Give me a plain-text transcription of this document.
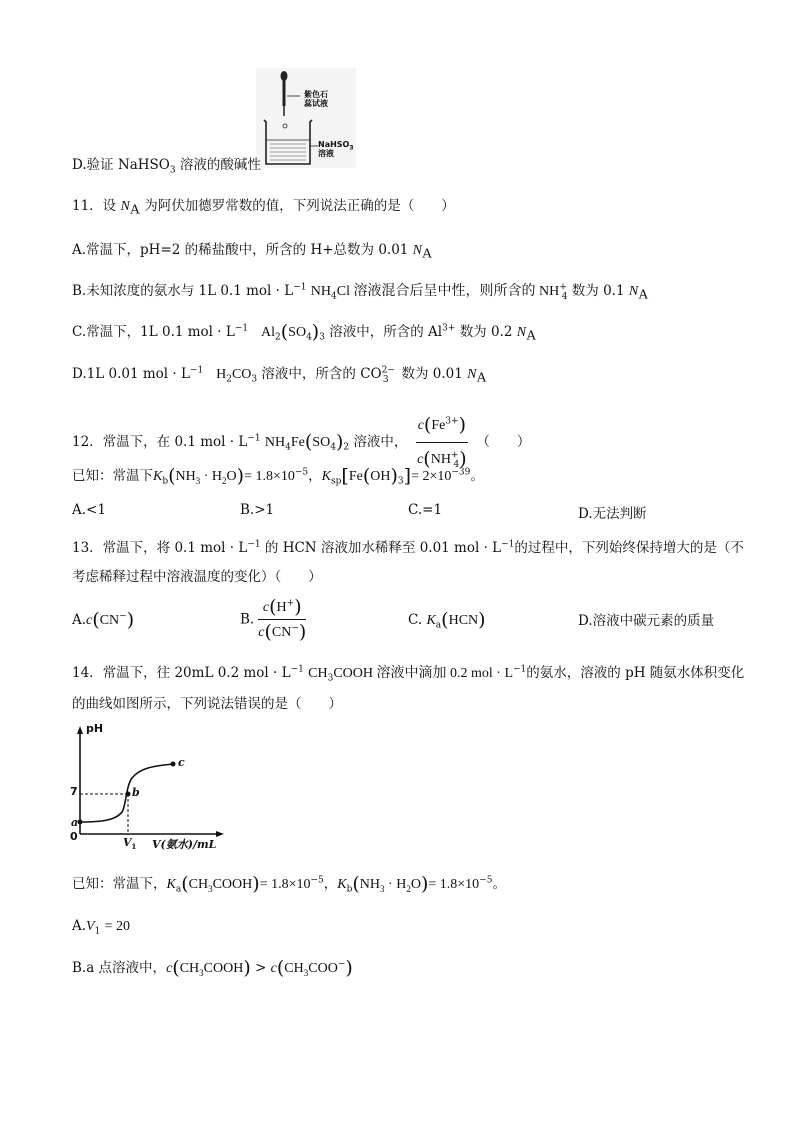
紫色石
蕊试液
NaHSO$_3$
溶液
D.验证 NaHSO$_3$ 溶液的酸碱性
11．设 $N_A$ 为阿伏加德罗常数的值，下列说法正确的是（　　）
A.常温下，pH=2 的稀盐酸中，所含的 H+总数为 0.01 $N_A$
B.未知浓度的氨水与 1L 0.1 mol · $L^{-1}$ $NH_4Cl$ 溶液混合后呈中性，则所含的 $NH^+_4$ 数为 0.1 $N_A$
C.常温下，1L 0.1 mol · $L^{-1}$ $Al_2(SO_4)_3$ 溶液中，所含的 $Al^{3+}$ 数为 0.2 $N_A$
D.1L 0.01 mol · $L^{-1}$ $H_2CO_3$ 溶液中，所含的 $CO^{2-}_3$ 数为 0.01 $N_A$
12．常温下，在 0.1 mol · $L^{-1}$ $NH_4Fe(SO_4)_2$ 溶液中， $\frac{c(Fe^{3+})}{c(NH^+_4)}$ （　　）
已知：常温下$K_b(NH_3 \cdot H_2O)= 1.8\times 10^{-5}$，$K_{sp}[Fe(OH)_3]= 2\times 10^{-39}$。
A.<1	B.>1	C.=1	D.无法判断
13．常温下，将 0.1 mol · $L^{-1}$ 的 HCN 溶液加水稀释至 0.01 mol · $L^{-1}$的过程中，下列始终保持增大的是（不
考虑稀释过程中溶液温度的变化）（　　）
A.c(CN−)	B. $\frac{c(H^+)}{c(CN^-)}$	C. $K_a(HCN)$	D.溶液中碳元素的质量
14．常温下，往 20mL 0.2 mol · $L^{-1}$ $CH_3COOH$ 溶液中滴加 0.2 mol · $L^{-1}$的氨水，溶液的 pH 随氨水体积变化
的曲线如图所示，下列说法错误的是（　　）
pH
7
a
0
b
c
$V_1$ V(氨水)/mL
已知：常温下，$K_a(CH_3COOH)= 1.8\times 10^{-5}$，$K_b(NH_3 \cdot H_2O)= 1.8\times 10^{-5}$。
$A.V_1 = 20$
B.a 点溶液中，$c(CH_3COOH) > c(CH_3COO^-)$
